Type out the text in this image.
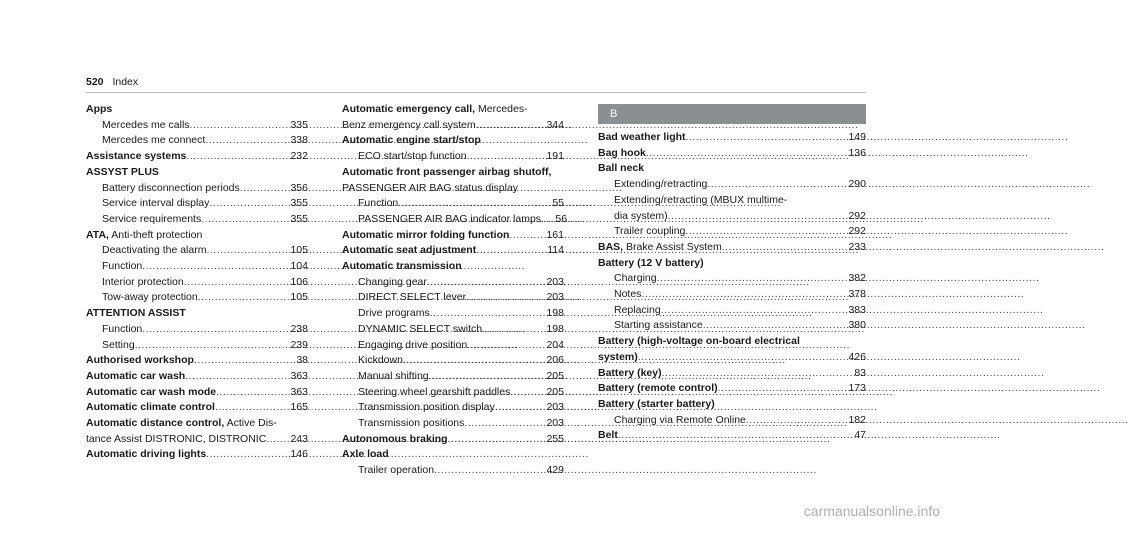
520 Index
Apps
Mercedes me calls .....	335
Mercedes me connect .....	338
Assistance systems .....	232
ASSYST PLUS
Battery disconnection periods .....	356
Service interval display .....	355
Service requirements .....	355
ATA, Anti-theft protection
Deactivating the alarm .....	105
Function .....	104
Interior protection .....	106
Tow-away protection .....	105
ATTENTION ASSIST
Function .....	238
Setting .....	239
Authorised workshop .....	38
Automatic car wash .....	363
Automatic car wash mode .....	363
Automatic climate control .....	165
Automatic distance control, Active Dis-
tance Assist DISTRONIC, DISTRONIC .....	243
Automatic driving lights .....	146
Automatic emergency call, Mercedes-
Benz emergency call system .....	344
Automatic engine start/stop
ECO start/stop function .....	191
Automatic front passenger airbag shutoff,
PASSENGER AIR BAG status display
Function .....	55
PASSENGER AIR BAG indicator lamps .....	56
Automatic mirror folding function .....	161
Automatic seat adjustment .....	114
Automatic transmission
Changing gear .....	203
DIRECT SELECT lever .....	203
Drive programs .....	198
DYNAMIC SELECT switch .....	198
Engaging drive position .....	204
Kickdown .....	206
Manual shifting .....	205
Steering wheel gearshift paddles .....	205
Transmission position display .....	203
Transmission positions .....	203
Autonomous braking .....	255
Axle load
Trailer operation .....	429
B
Bad weather light .....	149
Bag hook .....	136
Ball neck
Extending/retracting .....	290
Extending/retracting (MBUX multime-
dia system) .....	292
Trailer coupling .....	292
BAS, Brake Assist System .....	233
Battery (12 V battery)
Charging .....	382
Notes .....	378
Replacing .....	383
Starting assistance .....	380
Battery (high-voltage on-board electrical
system) .....	426
Battery (key) .....	83
Battery (remote control) .....	173
Battery (starter battery)
Charging via Remote Online .....	182
Belt .....	47
carmanualsonline.info
